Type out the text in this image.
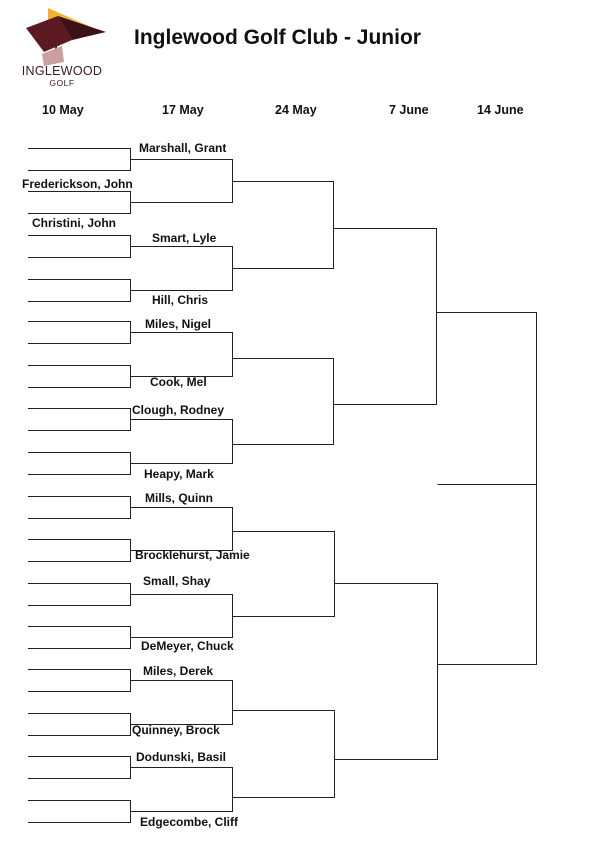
INGLEWOOD
GOLF
Inglewood Golf Club - Junior
10 May	17 May	24 May	7 June	14 June
Marshall, Grant
Frederickson, John
Christini, John
Smart, Lyle
Hill, Chris
Miles, Nigel
Cook, Mel
Clough, Rodney
Heapy, Mark
Mills, Quinn
Brocklehurst, Jamie
Small, Shay
DeMeyer, Chuck
Miles, Derek
Quinney, Brock
Dodunski, Basil
Edgecombe, Cliff
